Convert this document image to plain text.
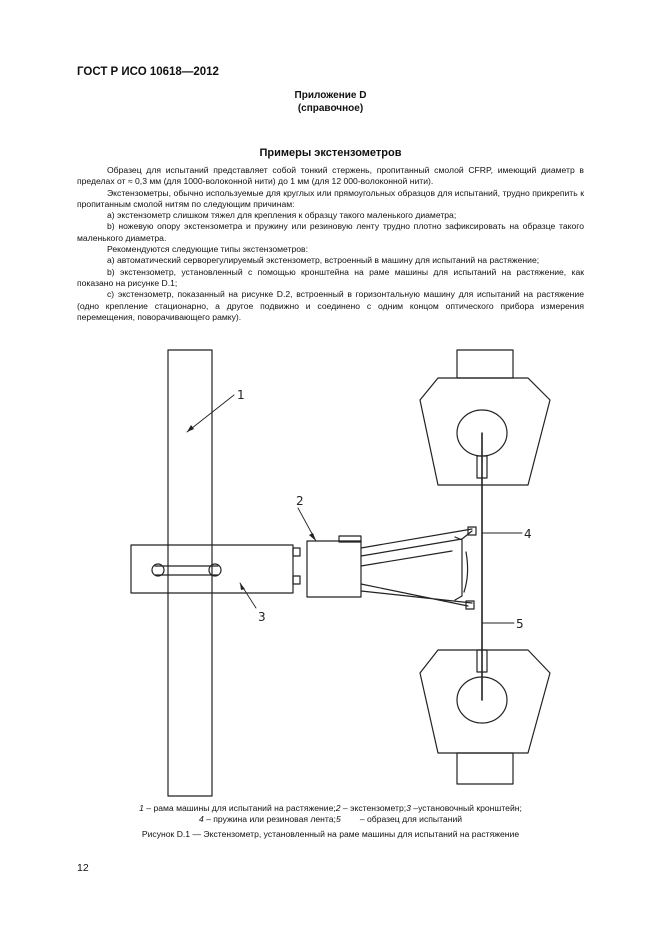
ГОСТ Р ИСО 10618—2012
Приложение D
(справочное)
Примеры экстензометров

Образец для испытаний представляет собой тонкий стержень, пропитанный смолой CFRP, имеющий диаметр в пределах от ≈ 0,3 мм (для 1000-волоконной нити) до 1 мм (для 12 000-волоконной нити).

Экстензометры, обычно используемые для круглых или прямоугольных образцов для испытаний, трудно прикрепить к пропитанным смолой нитям по следующим причинам:

а) экстензометр слишком тяжел для крепления к образцу такого маленького диаметра;

b) ножевую опору экстензометра и пружину или резиновую ленту трудно плотно зафиксировать на образце такого маленького диаметра.

Рекомендуются следующие типы экстензометров:

а) автоматический сервoрегулируемый экстензометр, встроенный в машину для испытаний на растяжение;

b) экстензометр, установленный с помощью кронштейна на раме машины для испытаний на растяжение, как показано на рисунке D.1;

c) экстензометр, показанный на рисунке D.2, встроенный в горизонтальную машину для испытаний на растяжение (одно крепление стационарно, а другое подвижно и соединено с одним концом оптического прибора измерения перемещения, поворачивающего рамку).

1
2
3
4
5
1 – рама машины для испытаний на растяжение;2 – экстензометр;3 –установочный кронштейн;
4 – пружина или резиновая лента;5        – образец для испытаний
Рисунок D.1 — Экстензометр, установленный на раме машины для испытаний на растяжение
12
